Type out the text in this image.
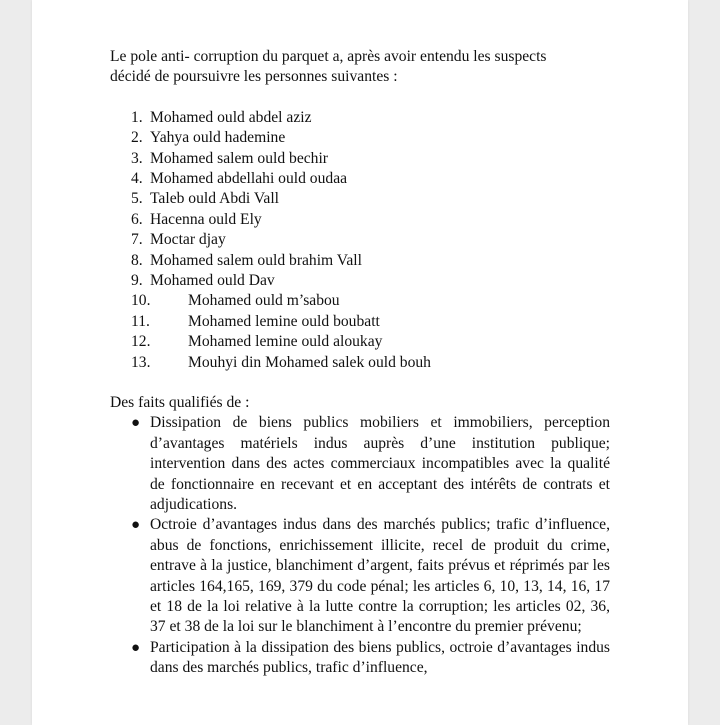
Le pole anti- corruption du parquet a, après avoir entendu les suspects

décidé de poursuivre les personnes suivantes :

1. Mohamed ould abdel aziz
2. Yahya ould hademine
3. Mohamed salem ould bechir
4. Mohamed abdellahi ould oudaa
5. Taleb ould Abdi Vall
6. Hacenna ould Ely
7. Moctar djay
8. Mohamed salem ould brahim Vall
9. Mohamed ould Dav
10. Mohamed ould m’sabou
11. Mohamed lemine ould boubatt
12. Mohamed lemine ould aloukay
13. Mouhyi din Mohamed salek ould bouh

Des faits qualifiés de :

● Dissipation de biens publics mobiliers et immobiliers, perception d’avantages matériels indus auprès d’une institution publique; intervention dans des actes commerciaux incompatibles avec la qualité de fonctionnaire en recevant et en acceptant des intérêts de contrats et adjudications.
● Octroie d’avantages indus dans des marchés publics; trafic d’influence, abus de fonctions, enrichissement illicite, recel de produit du crime, entrave à la justice, blanchiment d’argent, faits prévus et réprimés par les articles 164,165, 169, 379 du code pénal; les articles 6, 10, 13, 14, 16, 17 et 18 de la loi relative à la lutte contre la corruption; les articles 02, 36, 37 et 38 de la loi sur le blanchiment à l’encontre du premier prévenu;
● Participation à la dissipation des biens publics, octroie d’avantages indus dans des marchés publics, trafic d’influence,
